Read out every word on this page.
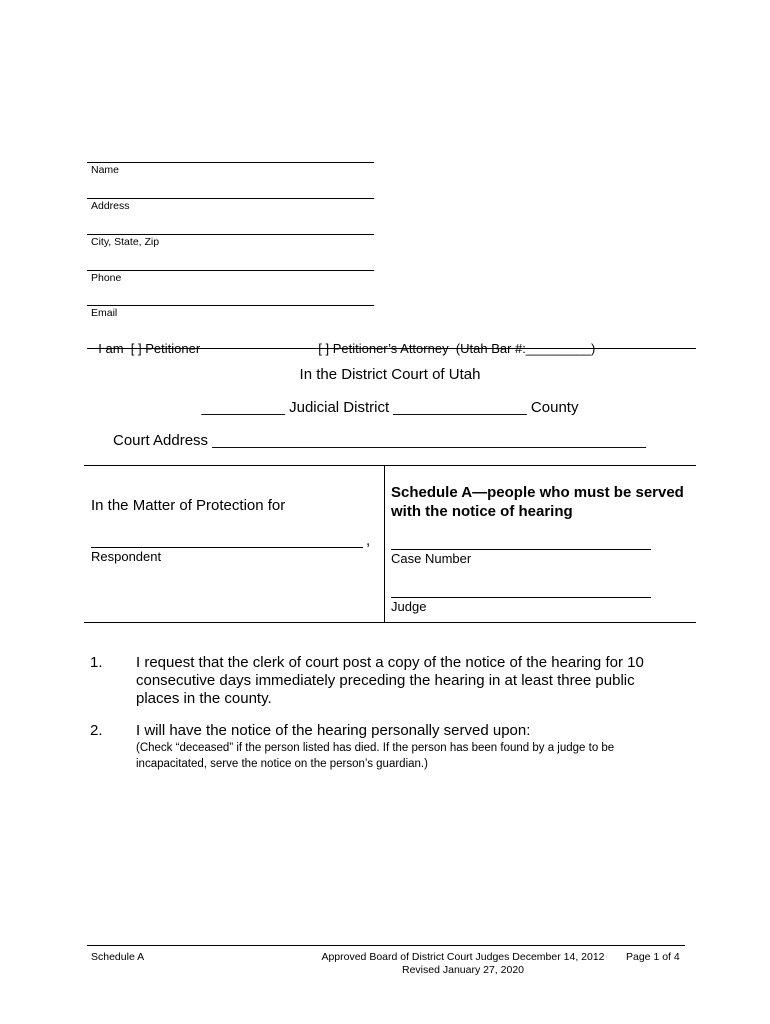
Name
Address
City, State, Zip
Phone
Email

I am [ ] Petitioner	[ ] Petitioner’s Attorney  (Utah Bar #:_________)

In the District Court of Utah
__________ Judicial District ________________ County
Court Address ____________________________________________________
In the Matter of Protection for
,
Respondent
Schedule A—people who must be served
with the notice of hearing
Case Number
Judge
1. I request that the clerk of court post a copy of the notice of the hearing for 10
consecutive days immediately preceding the hearing in at least three public
places in the county.
2. I will have the notice of the hearing personally served upon:
(Check “deceased” if the person listed has died. If the person has been found by a judge to be
incapacitated, serve the notice on the person’s guardian.)
Schedule A	Approved Board of District Court Judges December 14, 2012
Revised January 27, 2020
Page 1 of 4
